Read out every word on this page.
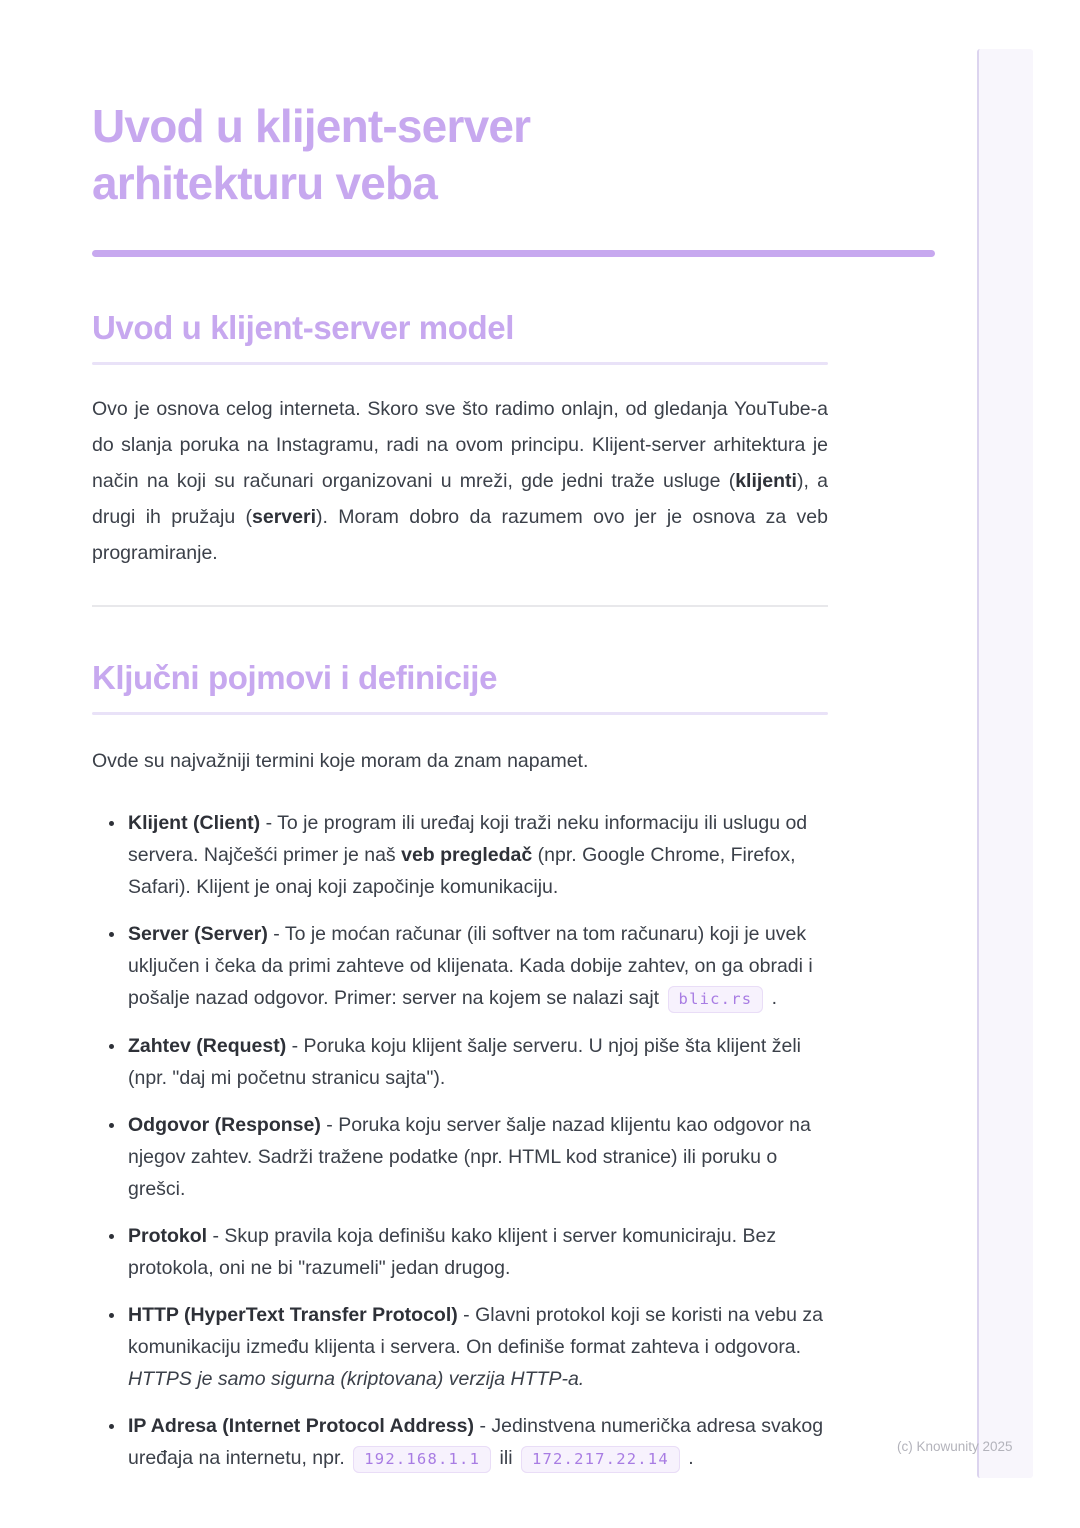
Uvod u klijent-server arhitekturu veba
Uvod u klijent-server model

Ovo je osnova celog interneta. Skoro sve što radimo onlajn, od gledanja YouTube-a do slanja poruka na Instagramu, radi na ovom principu. Klijent-server arhitektura je način na koji su računari organizovani u mreži, gde jedni traže usluge (klijenti), a drugi ih pružaju (serveri). Moram dobro da razumem ovo jer je osnova za veb programiranje.

Ključni pojmovi i definicije

Ovde su najvažniji termini koje moram da znam napamet.

• Klijent (Client) - To je program ili uređaj koji traži neku informaciju ili uslugu od servera. Najčešći primer je naš veb pregledač (npr. Google Chrome, Firefox, Safari). Klijent je onaj koji započinje komunikaciju.
• Server (Server) - To je moćan računar (ili softver na tom računaru) koji je uvek uključen i čeka da primi zahteve od klijenata. Kada dobije zahtev, on ga obradi i pošalje nazad odgovor. Primer: server na kojem se nalazi sajt blic.rs .
• Zahtev (Request) - Poruka koju klijent šalje serveru. U njoj piše šta klijent želi (npr. "daj mi početnu stranicu sajta").
• Odgovor (Response) - Poruka koju server šalje nazad klijentu kao odgovor na njegov zahtev. Sadrži tražene podatke (npr. HTML kod stranice) ili poruku o grešci.
• Protokol - Skup pravila koja definišu kako klijent i server komuniciraju. Bez protokola, oni ne bi "razumeli" jedan drugog.
• HTTP (HyperText Transfer Protocol) - Glavni protokol koji se koristi na vebu za komunikaciju između klijenta i servera. On definiše format zahteva i odgovora. HTTPS je samo sigurna (kriptovana) verzija HTTP-a.
• IP Adresa (Internet Protocol Address) - Jedinstvena numerička adresa svakog uređaja na internetu, npr. 192.168.1.1 ili 172.217.22.14 .
(c) Knowunity 2025
